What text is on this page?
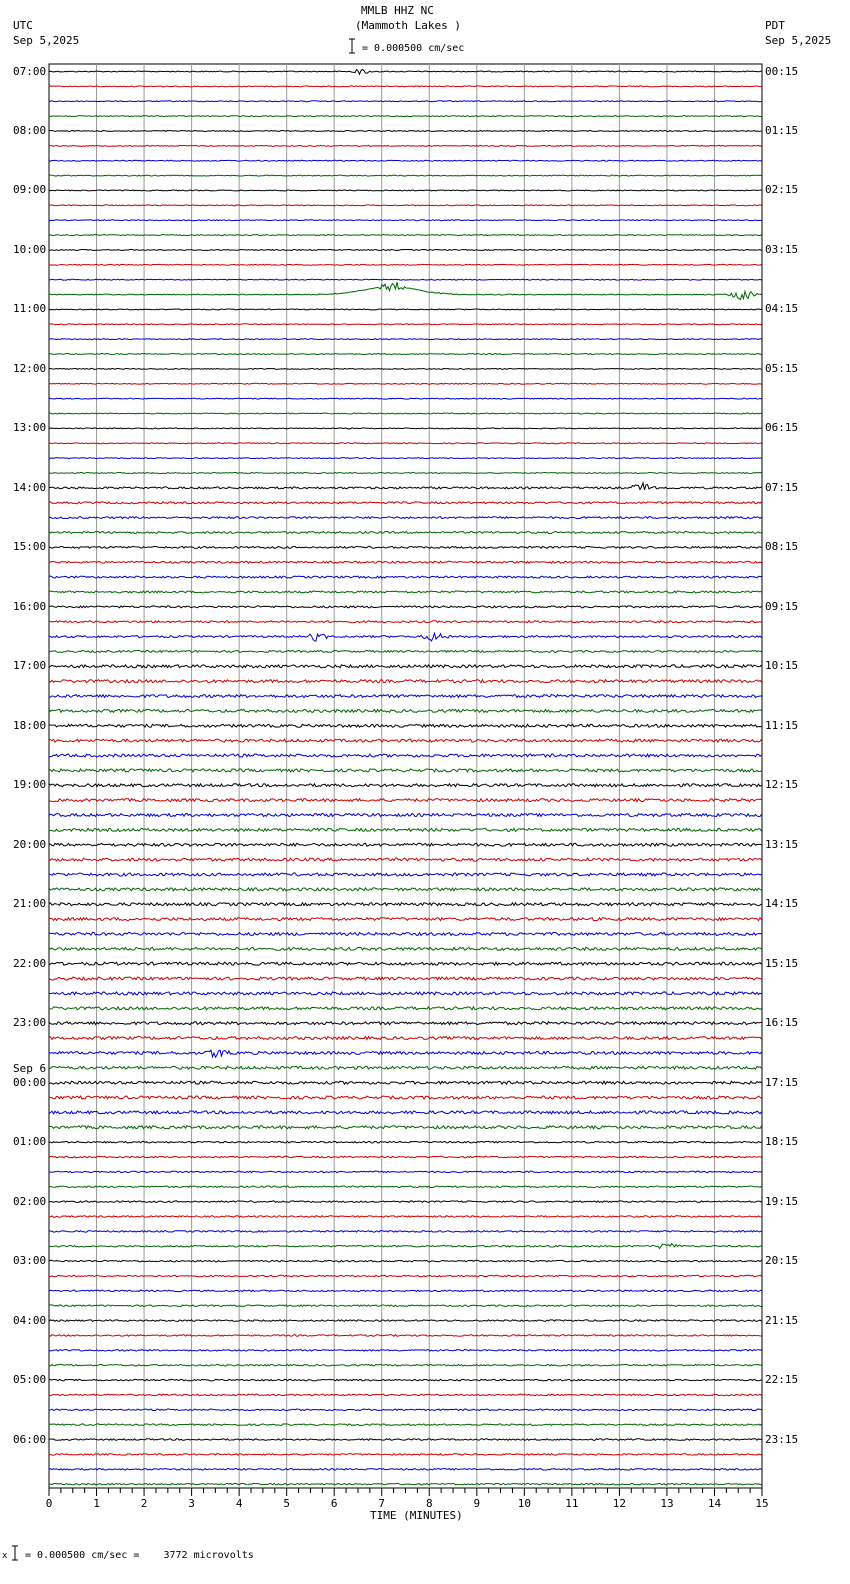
MMLB HHZ NC
(Mammoth Lakes )
UTC
Sep 5,2025
PDT
Sep 5,2025
= 0.000500 cm/sec
07:00
08:00
09:00
10:00
11:00
12:00
13:00
14:00
15:00
16:00
17:00
18:00
19:00
20:00
21:00
22:00
23:00
00:00
01:00
02:00
03:00
04:00
05:00
06:00
00:15
01:15
02:15
03:15
04:15
05:15
06:15
07:15
08:15
09:15
10:15
11:15
12:15
13:15
14:15
15:15
16:15
17:15
18:15
19:15
20:15
21:15
22:15
23:15
Sep 6
0	1	2	3	4	5	6	7	8	9	10	11	12	13	14	15
TIME (MINUTES)
x = 0.000500 cm/sec =    3772 microvolts
